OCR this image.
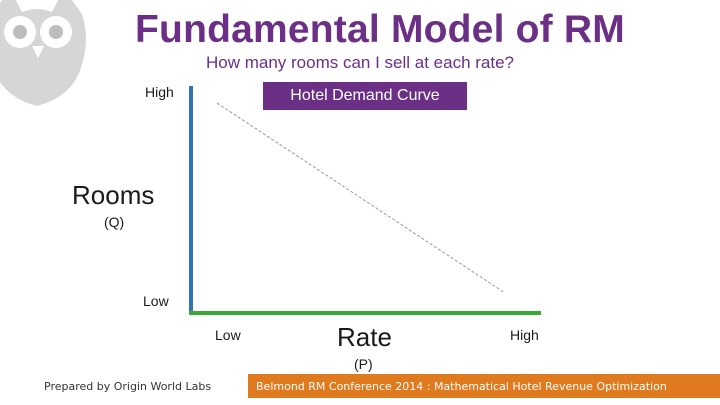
Fundamental Model of RM
How many rooms can I sell at each rate?
Hotel Demand Curve
High
Rooms
(Q)
Low
Low	Rate
(P)
High
Prepared by Origin World Labs	Belmond RM Conference 2014 : Mathematical Hotel Revenue Optimization
